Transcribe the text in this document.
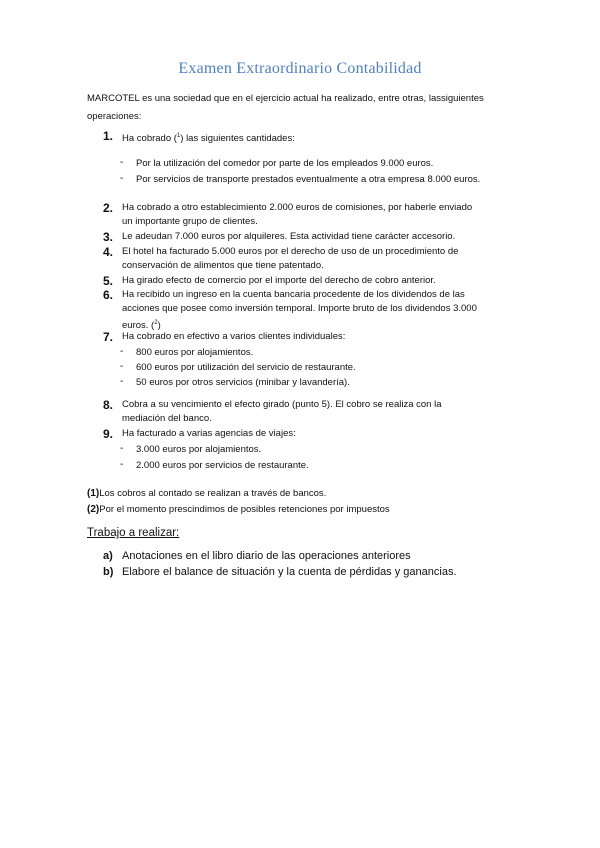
Examen Extraordinario Contabilidad

MARCOTEL es una sociedad que en el ejercicio actual ha realizado, entre otras, lassiguientes operaciones:

1. Ha cobrado ($^1$) las siguientes cantidades:
- Por la utilización del comedor por parte de los empleados 9.000 euros.
- Por servicios de transporte prestados eventualmente a otra empresa 8.000 euros.
2. Ha cobrado a otro establecimiento 2.000 euros de comisiones, por haberle enviado
un importante grupo de clientes.
3. Le adeudan 7.000 euros por alquileres. Esta actividad tiene carácter accesorio.
4. El hotel ha facturado 5.000 euros por el derecho de uso de un procedimiento de
conservación de alimentos que tiene patentado.
5. Ha girado efecto de comercio por el importe del derecho de cobro anterior.
6. Ha recibido un ingreso en la cuenta bancaria procedente de los dividendos de las
acciones que posee como inversión temporal. Importe bruto de los dividendos 3.000
euros. ($^2$)
7. Ha cobrado en efectivo a varios clientes individuales:
- 800 euros por alojamientos.
- 600 euros por utilización del servicio de restaurante.
- 50 euros por otros servicios (minibar y lavandería).
8. Cobra a su vencimiento el efecto girado (punto 5). El cobro se realiza con la
mediación del banco.
9. Ha facturado a varias agencias de viajes:
- 3.000 euros por alojamientos.
- 2.000 euros por servicios de restaurante.
(1)Los cobros al contado se realizan a través de bancos.
(2)Por el momento prescindimos de posibles retenciones por impuestos
Trabajo a realizar:
a) Anotaciones en el libro diario de las operaciones anteriores
b) Elabore el balance de situación y la cuenta de pérdidas y ganancias.
